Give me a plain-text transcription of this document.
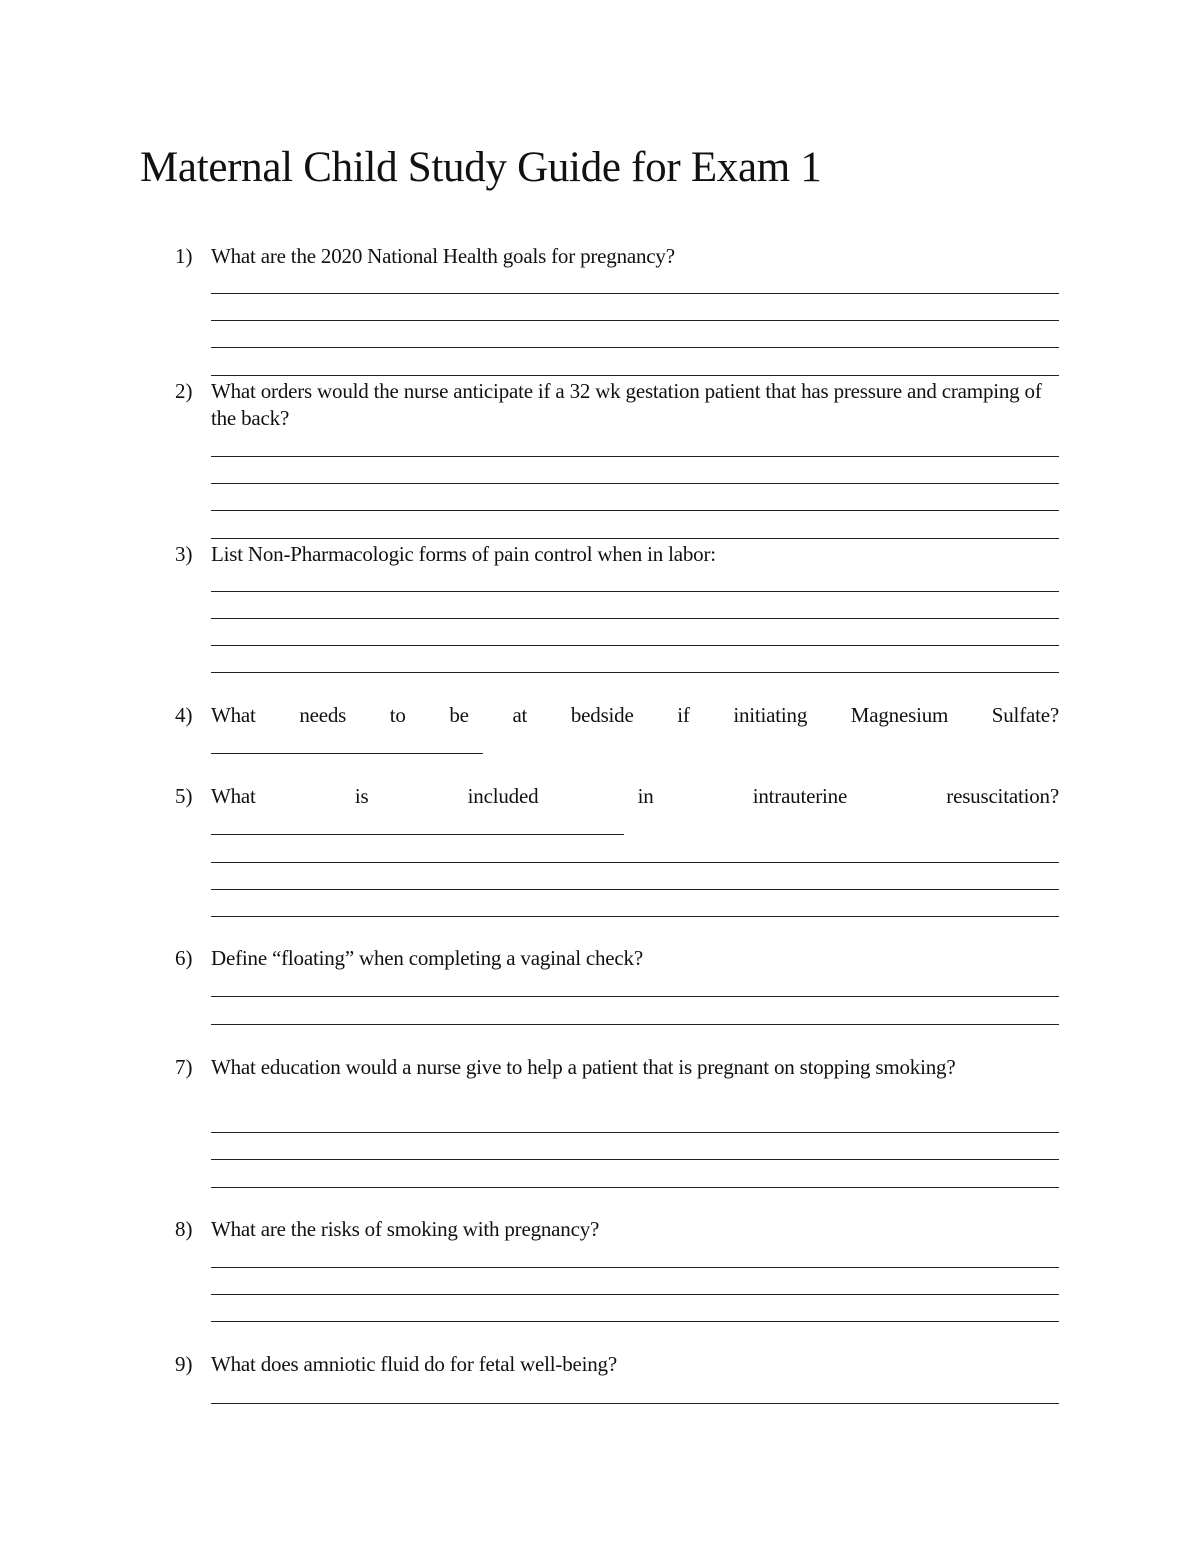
Maternal Child Study Guide for Exam 1
1) What are the 2020 National Health goals for pregnancy?
2) What orders would the nurse anticipate if a 32 wk gestation patient that has pressure and cramping of the back?
3) List Non-Pharmacologic forms of pain control when in labor:
4) What needs to be at bedside if initiating Magnesium Sulfate?
5) What	is	included	in	intrauterine	resuscitation?
6) Define “floating” when completing a vaginal check?
7) What education would a nurse give to help a patient that is pregnant on stopping smoking?
8) What are the risks of smoking with pregnancy?
9) What does amniotic fluid do for fetal well-being?
